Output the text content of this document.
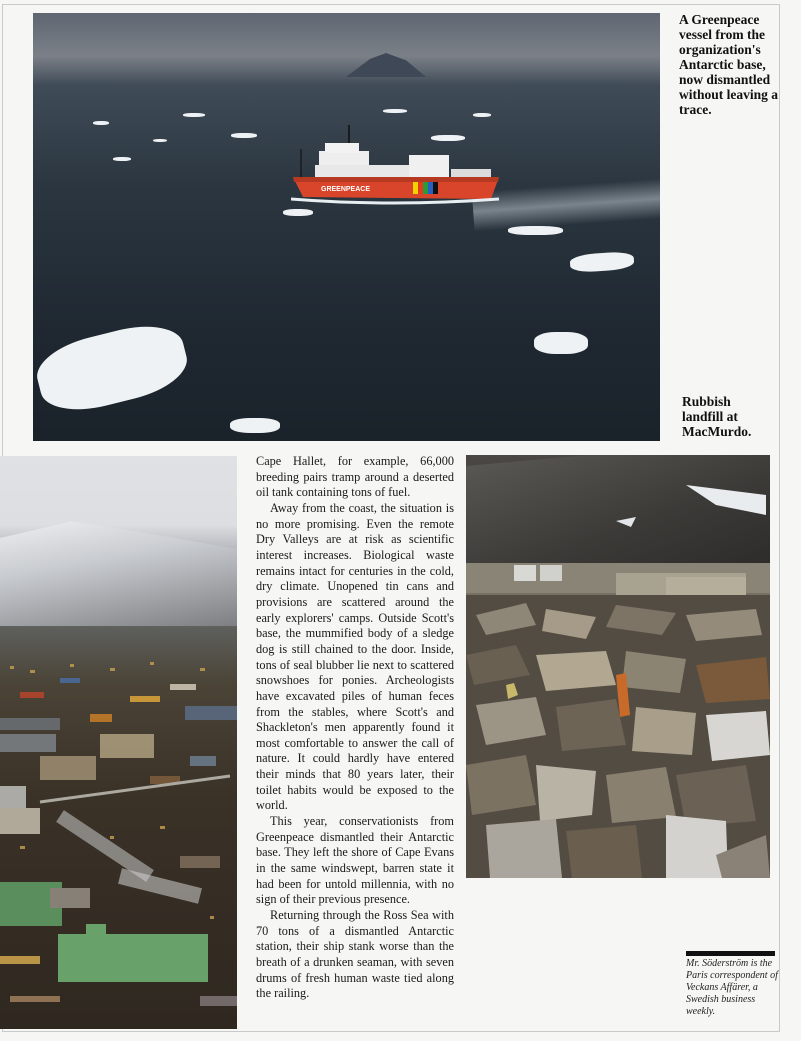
GREENPEACE
A Greenpeace vessel from the organization's Antarctic base, now dismantled without leaving a trace.
Rubbish landfill at MacMurdo.

Cape Hallet, for example, 66,000 breeding pairs tramp around a deserted oil tank containing tons of fuel.

Away from the coast, the situation is no more promising. Even the remote Dry Valleys are at risk as scientific interest increases. Biological waste remains intact for centuries in the cold, dry climate. Unopened tin cans and provisions are scattered around the early explorers' camps. Outside Scott's base, the mummified body of a sledge dog is still chained to the door. Inside, tons of seal blubber lie next to scattered snowshoes for ponies. Archeologists have excavated piles of human feces from the stables, where Scott's and Shackleton's men apparently found it most comfortable to answer the call of nature. It could hardly have entered their minds that 80 years later, their toilet habits would be exposed to the world.

This year, conservationists from Greenpeace dismantled their Antarctic base. They left the shore of Cape Evans in the same windswept, barren state it had been for untold millennia, with no sign of their previous presence.

Returning through the Ross Sea with 70 tons of a dismantled Antarctic station, their ship stank worse than the breath of a drunken seaman, with seven drums of fresh human waste tied along the railing.

Mr. Söderström is the Paris correspondent of Veckans Affärer, a Swedish business weekly.
